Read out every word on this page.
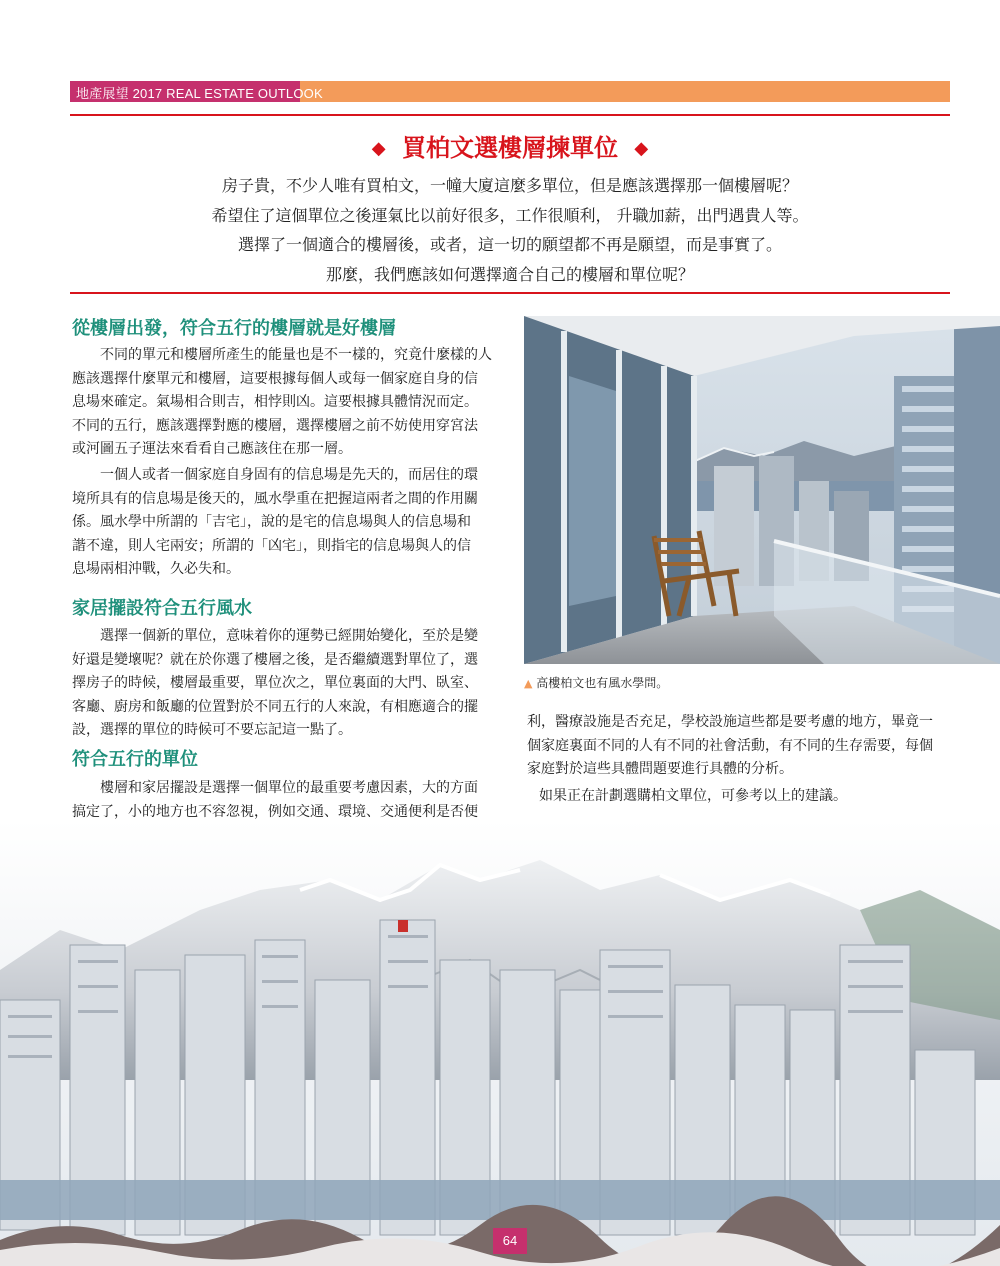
地產展望 2017 REAL ESTATE OUTLOOK
◆ 買柏文選樓層揀單位 ◆

房子貴，不少人唯有買柏文，一幢大廈這麼多單位，但是應該選擇那一個樓層呢？

希望住了這個單位之後運氣比以前好很多，工作很順利， 升職加薪，出門遇貴人等。

選擇了一個適合的樓層後，或者，這一切的願望都不再是願望，而是事實了。

那麼，我們應該如何選擇適合自己的樓層和單位呢？

從樓層出發，符合五行的樓層就是好樓層
不同的單元和樓層所產生的能量也是不一樣的，究竟什麼樣的人
應該選擇什麼單元和樓層，這要根據每個人或每一個家庭自身的信
息場來確定。氣場相合則吉，相悖則凶。這要根據具體情況而定。
不同的五行，應該選擇對應的樓層，選擇樓層之前不妨使用穿宮法
或河圖五子運法來看看自己應該住在那一層。
一個人或者一個家庭自身固有的信息場是先天的，而居住的環
境所具有的信息場是後天的，風水學重在把握這兩者之間的作用關
係。風水學中所謂的「吉宅」，說的是宅的信息場與人的信息場和
諧不違，則人宅兩安；所謂的「凶宅」，則指宅的信息場與人的信
息場兩相沖戰，久必失和。
家居擺設符合五行風水
選擇一個新的單位，意味着你的運勢已經開始變化，至於是變
好還是變壞呢？就在於你選了樓層之後，是否繼續選對單位了，選
擇房子的時候，樓層最重要，單位次之，單位裏面的大門、臥室、
客廳、廚房和飯廳的位置對於不同五行的人來說，有相應適合的擺
設，選擇的單位的時候可不要忘記這一點了。
符合五行的單位
樓層和家居擺設是選擇一個單位的最重要考慮因素，大的方面
搞定了，小的地方也不容忽視，例如交通、環境、交通便利是否便
利，醫療設施是否充足，學校設施這些都是要考慮的地方，畢竟一
個家庭裏面不同的人有不同的社會活動，有不同的生存需要，每個
家庭對於這些具體問題要進行具體的分析。
如果正在計劃選購柏文單位，可參考以上的建議。
▲ 高樓柏文也有風水學問。
64
